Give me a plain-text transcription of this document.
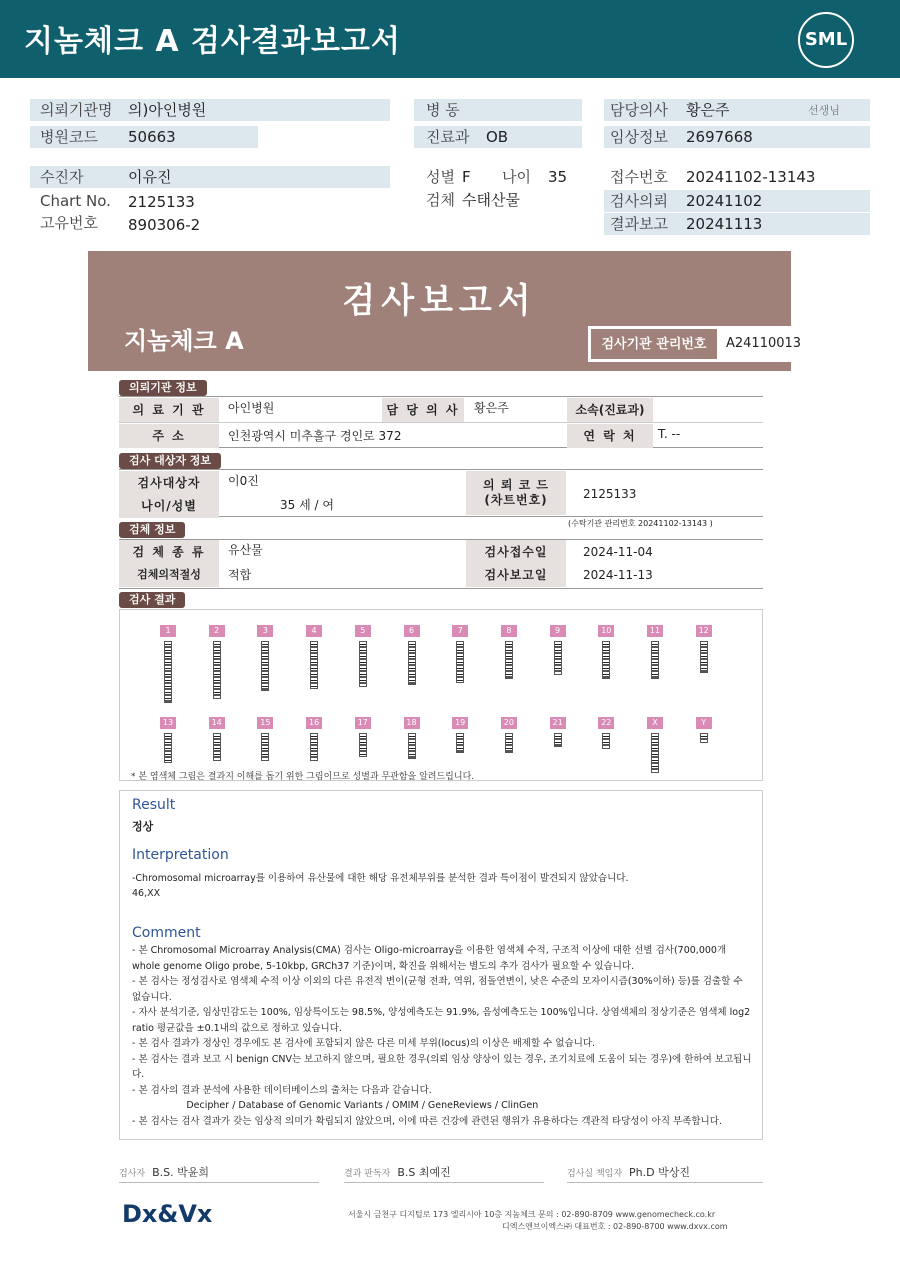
지놈체크 A 검사결과보고서	SML
의뢰기관명 의)아인병원
병원코드 50663
병 동
진료과 OB
담당의사 황은주	선생님
임상정보 2697668
수진자	이유진
Chart No. 2125133
고유번호 890306-2
성별 F 나이 35
검체 수태산물
접수번호 20241102-13143
검사의뢰 20241102
결과보고 20241113
검사보고서
지놈체크 A	검사기관 관리번호	A24110013
의뢰기관 정보
의 료 기 관	아인병원	담 당 의 사	황은주	소속(진료과)
주 소	인천광역시 미추홀구 경인로 372	연 락 처	T. --
검사 대상자 정보
검사대상자	이0진
나이/성별	35 세 / 여
의 뢰 코 드
(차트번호)	2125133
(수탁기관 관리번호 20241102-13143 )
검체 정보
검 체 종 류	유산물	검사접수일	2024-11-04
검체의적절성	적합	검사보고일	2024-11-13
검사 결과
1	2	3	4	5	6	7	8	9	10	11	12
13	14	15	16	17	18	19	20	21	22	X	Y
* 본 염색체 그림은 결과지 이해를 돕기 위한 그림이므로 성별과 무관함을 알려드립니다.
Result
정상
Interpretation
-Chromosomal microarray를 이용하여 유산물에 대한 해당 유전체부위를 분석한 결과 특이점이 발견되지 않았습니다.
46,XX
Comment
- 본 Chromosomal Microarray Analysis(CMA) 검사는 Oligo-microarray을 이용한 염색체 수적, 구조적 이상에 대한 선별 검사(700,000개 whole genome Oligo probe, 5-10kbp, GRCh37 기준)이며, 확진을 위해서는 별도의 추가 검사가 필요할 수 있습니다.
- 본 검사는 정성검사로 염색체 수적 이상 이외의 다른 유전적 변이(균형 전좌, 역위, 점돌연변이, 낮은 수준의 모자이시즘(30%이하) 등)를 검출할 수 없습니다.
- 자사 분석기준, 임상민감도는 100%, 임상특이도는 98.5%, 양성예측도는 91.9%, 음성예측도는 100%입니다. 상염색체의 정상기준은 염색체 log2 ratio 평균값을 ±0.1내의 값으로 정하고 있습니다.
- 본 검사 결과가 정상인 경우에도 본 검사에 포함되지 않은 다른 미세 부위(locus)의 이상은 배제할 수 없습니다.
- 본 검사는 결과 보고 시 benign CNV는 보고하지 않으며, 필요한 경우(의뢰 임상 양상이 있는 경우, 조기치료에 도움이 되는 경우)에 한하여 보고됩니다.
- 본 검사의 결과 분석에 사용한 데이터베이스의 출처는 다음과 같습니다.
Decipher / Database of Genomic Variants / OMIM / GeneReviews / ClinGen
- 본 검사는 검사 결과가 갖는 임상적 의미가 확립되지 않았으며, 이에 따른 건강에 관련된 행위가 유용하다는 객관적 타당성이 아직 부족합니다.
검사자 B.S. 박윤희	결과 판독자 B.S 최예진	검사실 책임자 Ph.D 박상진
Dx&Vx	서울시 금천구 디지털로 173 엘리시아 10층 지놈체크 문의 : 02-890-8709 www.genomecheck.co.kr
디엑스앤브이엑스㈜ 대표번호 : 02-890-8700 www.dxvx.com
